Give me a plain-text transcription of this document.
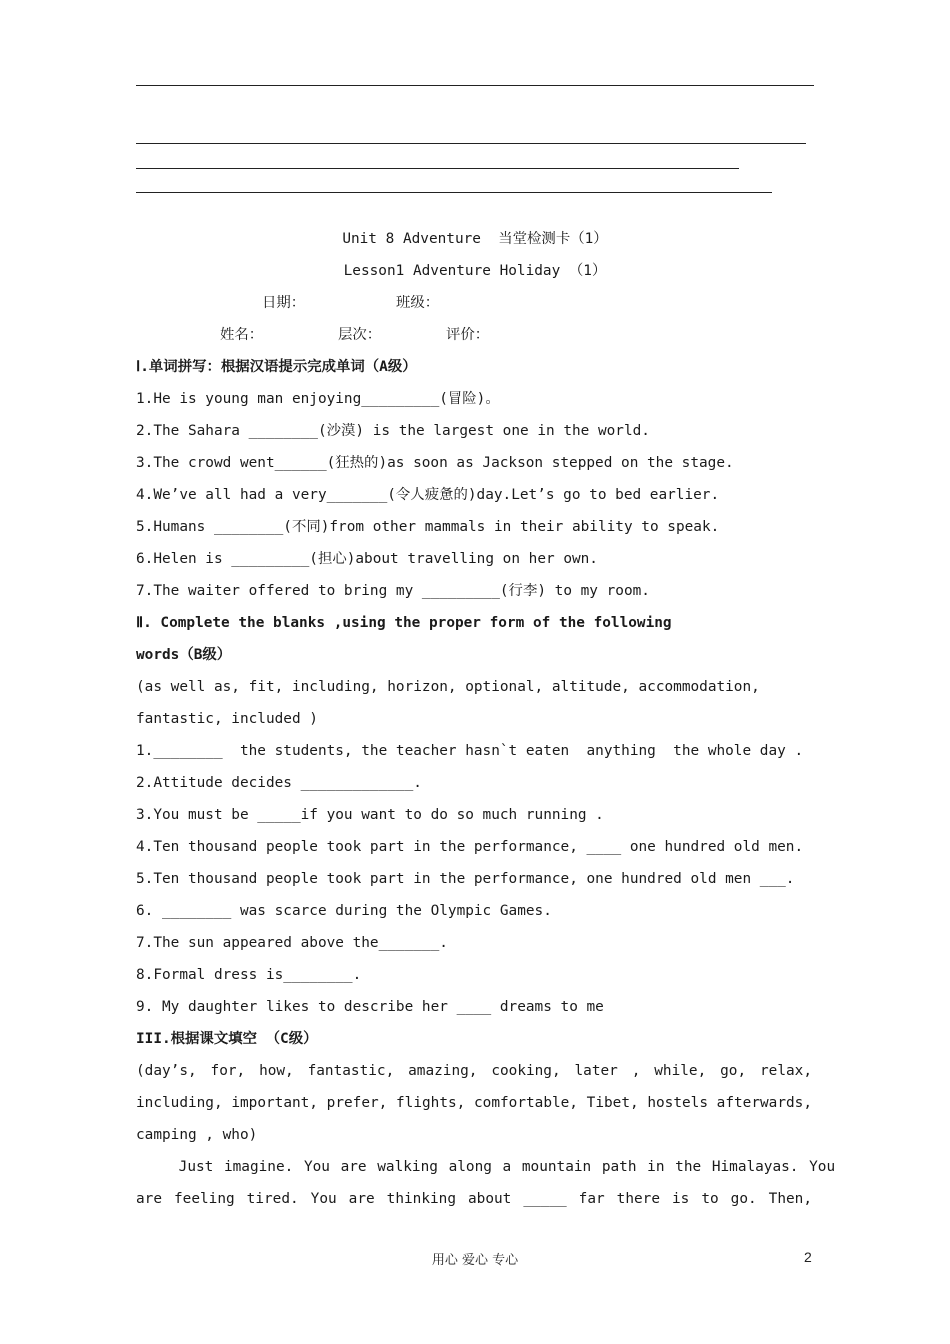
Unit 8 Adventure  当堂检测卡（1）
Lesson1 Adventure Holiday （1）
日期：	班级：
姓名：	层次：	评价：
Ⅰ.单词拼写：根据汉语提示完成单词（A级）
1.He is young man enjoying_________(冒险)。
2.The Sahara ________(沙漠) is the largest one in the world.
3.The crowd went______(狂热的)as soon as Jackson stepped on the stage.
4.We’ve all had a very_______(令人疲惫的)day.Let’s go to bed earlier.
5.Humans ________(不同)from other mammals in their ability to speak.
6.Helen is _________(担心)about travelling on her own.
7.The waiter offered to bring my _________(行李) to my room.
Ⅱ. Complete the blanks ,using the proper form of the following
words（B级）
(as well as, fit, including, horizon, optional, altitude, accommodation,
fantastic, included )
1.________  the students, the teacher hasn`t eaten  anything  the whole day .
2.Attitude decides _____________.
3.You must be _____if you want to do so much running .
4.Ten thousand people took part in the performance, ____ one hundred old men.
5.Ten thousand people took part in the performance, one hundred old men ___.
6. ________ was scarce during the Olympic Games.
7.The sun appeared above the_______.
8.Formal dress is________.
9. My daughter likes to describe her ____ dreams to me
III.根据课文填空 （C级）
(day’s, for, how, fantastic, amazing, cooking, later , while, go, relax,
including, important, prefer, flights, comfortable, Tibet, hostels afterwards,
camping , who)
Just imagine. You are walking along a mountain path in the Himalayas. You
are feeling tired. You are thinking about _____ far there is to go. Then,
用心 爱心 专心	2
